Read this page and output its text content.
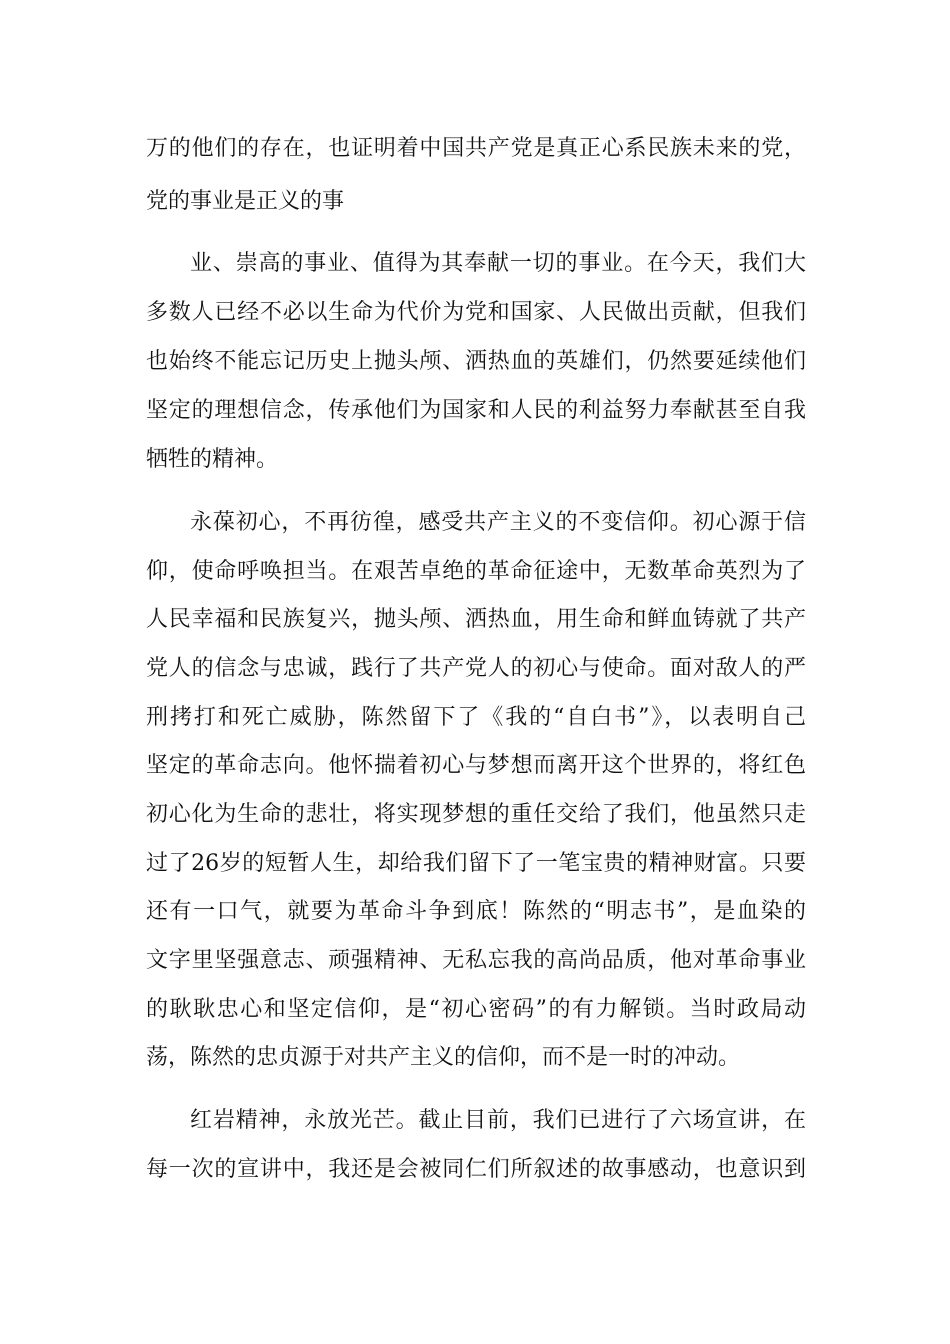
万的他们的存在，也证明着中国共产党是真正心系民族未来的党，
党的事业是正义的事
业、崇高的事业、值得为其奉献一切的事业。在今天，我们大
多数人已经不必以生命为代价为党和国家、人民做出贡献，但我们
也始终不能忘记历史上抛头颅、洒热血的英雄们，仍然要延续他们
坚定的理想信念，传承他们为国家和人民的利益努力奉献甚至自我
牺牲的精神。
永葆初心，不再彷徨，感受共产主义的不变信仰。初心源于信
仰，使命呼唤担当。在艰苦卓绝的革命征途中，无数革命英烈为了
人民幸福和民族复兴，抛头颅、洒热血，用生命和鲜血铸就了共产
党人的信念与忠诚，践行了共产党人的初心与使命。面对敌人的严
刑拷打和死亡威胁，陈然留下了《我的“自白书”》，以表明自己
坚定的革命志向。他怀揣着初心与梦想而离开这个世界的，将红色
初心化为生命的悲壮，将实现梦想的重任交给了我们，他虽然只走
过了26岁的短暂人生，却给我们留下了一笔宝贵的精神财富。只要
还有一口气，就要为革命斗争到底！陈然的“明志书”，是血染的
文字里坚强意志、顽强精神、无私忘我的高尚品质，他对革命事业
的耿耿忠心和坚定信仰，是“初心密码”的有力解锁。当时政局动
荡，陈然的忠贞源于对共产主义的信仰，而不是一时的冲动。
红岩精神，永放光芒。截止目前，我们已进行了六场宣讲，在
每一次的宣讲中，我还是会被同仁们所叙述的故事感动，也意识到
